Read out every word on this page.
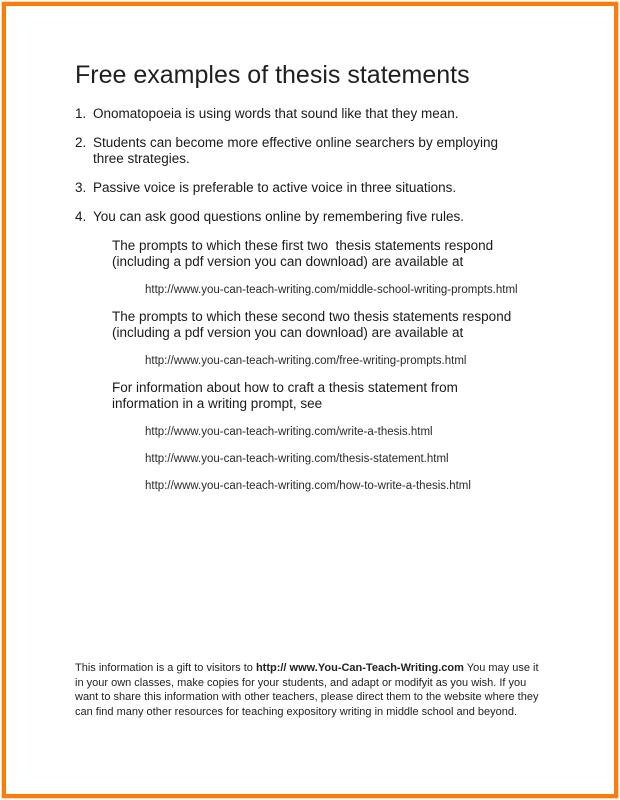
Free examples of thesis statements
1. Onomatopoeia is using words that sound like that they mean.
2. Students can become more effective online searchers by employing three strategies.
3. Passive voice is preferable to active voice in three situations.
4. You can ask good questions online by remembering five rules.

The prompts to which these first two  thesis statements respond (including a pdf version you can download) are available at

http://www.you-can-teach-writing.com/middle-school-writing-prompts.html

The prompts to which these second two thesis statements respond (including a pdf version you can download) are available at

http://www.you-can-teach-writing.com/free-writing-prompts.html

For information about how to craft a thesis statement from information in a writing prompt, see

http://www.you-can-teach-writing.com/write-a-thesis.html

http://www.you-can-teach-writing.com/thesis-statement.html

http://www.you-can-teach-writing.com/how-to-write-a-thesis.html

This information is a gift to visitors to http:// www.You-Can-Teach-Writing.com You may use it in your own classes, make copies for your students, and adapt or modifyit as you wish. If you want to share this information with other teachers, please direct them to the website where they can find many other resources for teaching expository writing in middle school and beyond.
